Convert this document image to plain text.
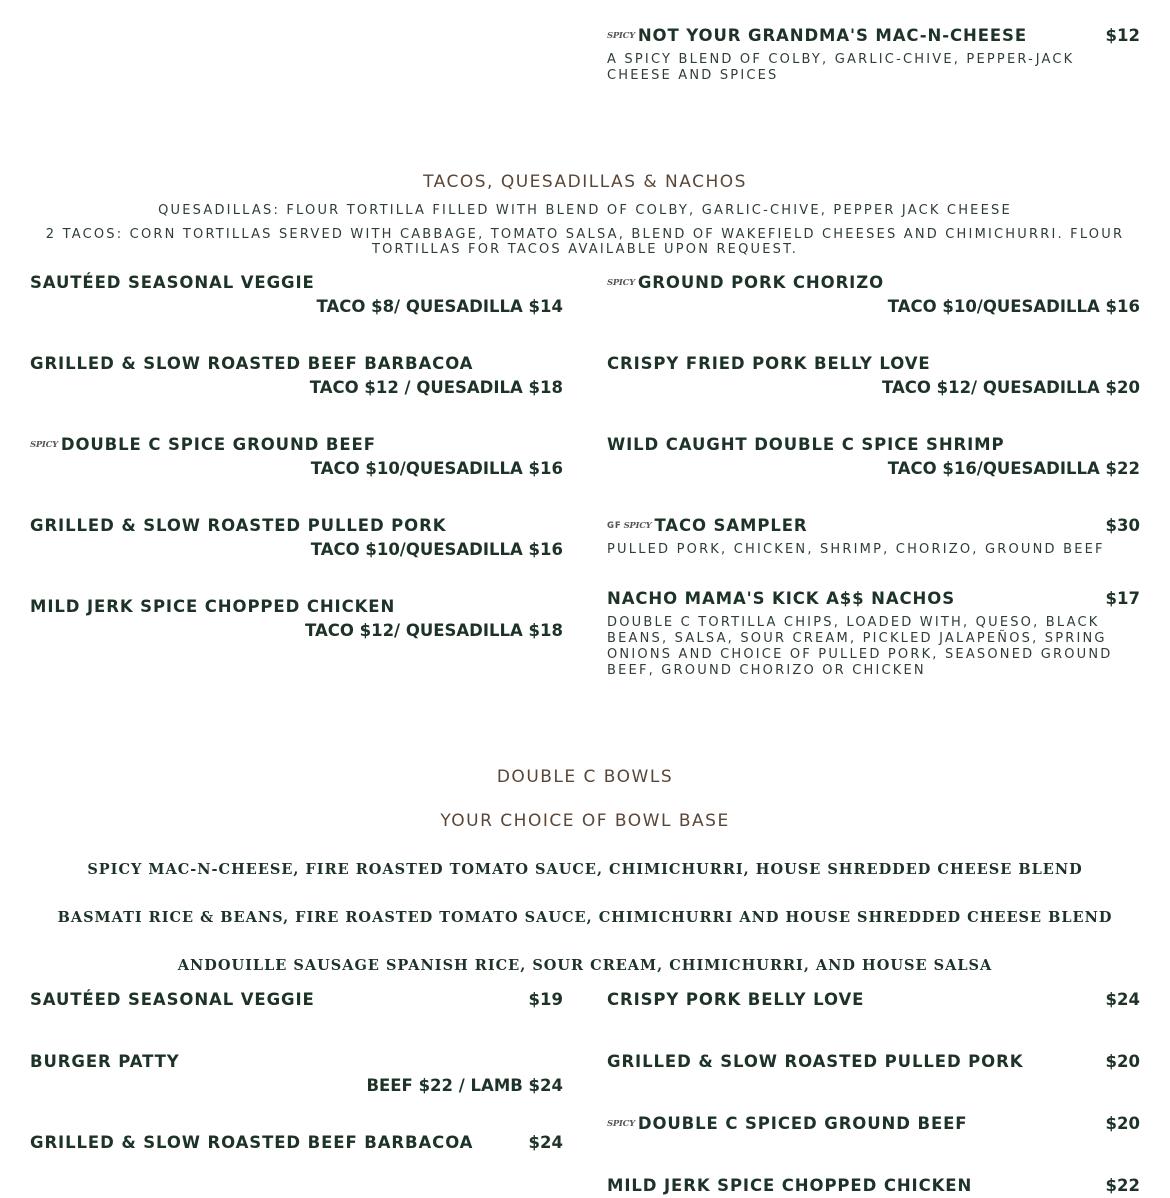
SPICY NOT YOUR GRANDMA'S MAC-N-CHEESE	$12
A SPICY BLEND OF COLBY, GARLIC-CHIVE, PEPPER-JACK CHEESE AND SPICES
TACOS, QUESADILLAS & NACHOS
QUESADILLAS: FLOUR TORTILLA FILLED WITH BLEND OF COLBY, GARLIC-CHIVE, PEPPER JACK CHEESE
2 TACOS: CORN TORTILLAS SERVED WITH CABBAGE, TOMATO SALSA, BLEND OF WAKEFIELD CHEESES AND CHIMICHURRI. FLOUR TORTILLAS FOR TACOS AVAILABLE UPON REQUEST.
SAUTÉED SEASONAL VEGGIE
TACO $8/ QUESADILLA $14
GRILLED & SLOW ROASTED BEEF BARBACOA
TACO $12 / QUESADILA $18
SPICY DOUBLE C SPICE GROUND BEEF
TACO $10/QUESADILLA $16
GRILLED & SLOW ROASTED PULLED PORK
TACO $10/QUESADILLA $16
MILD JERK SPICE CHOPPED CHICKEN
TACO $12/ QUESADILLA $18
SPICY GROUND PORK CHORIZO
TACO $10/QUESADILLA $16
CRISPY FRIED PORK BELLY LOVE
TACO $12/ QUESADILLA $20
WILD CAUGHT DOUBLE C SPICE SHRIMP
TACO $16/QUESADILLA $22
GF SPICY TACO SAMPLER	$30
PULLED PORK, CHICKEN, SHRIMP, CHORIZO, GROUND BEEF
NACHO MAMA'S KICK A$$ NACHOS	$17
DOUBLE C TORTILLA CHIPS, LOADED WITH, QUESO, BLACK BEANS, SALSA, SOUR CREAM, PICKLED JALAPEÑOS, SPRING ONIONS AND CHOICE OF PULLED PORK, SEASONED GROUND BEEF, GROUND CHORIZO OR CHICKEN
DOUBLE C BOWLS
YOUR CHOICE OF BOWL BASE
SPICY MAC-N-CHEESE, FIRE ROASTED TOMATO SAUCE, CHIMICHURRI, HOUSE SHREDDED CHEESE BLEND
BASMATI RICE & BEANS, FIRE ROASTED TOMATO SAUCE, CHIMICHURRI AND HOUSE SHREDDED CHEESE BLEND
ANDOUILLE SAUSAGE SPANISH RICE, SOUR CREAM, CHIMICHURRI, AND HOUSE SALSA
SAUTÉED SEASONAL VEGGIE	$19
BURGER PATTY
BEEF $22 / LAMB $24
GRILLED & SLOW ROASTED BEEF BARBACOA	$24
CRISPY PORK BELLY LOVE	$24
GRILLED & SLOW ROASTED PULLED PORK	$20
SPICY DOUBLE C SPICED GROUND BEEF	$20
MILD JERK SPICE CHOPPED CHICKEN	$22
